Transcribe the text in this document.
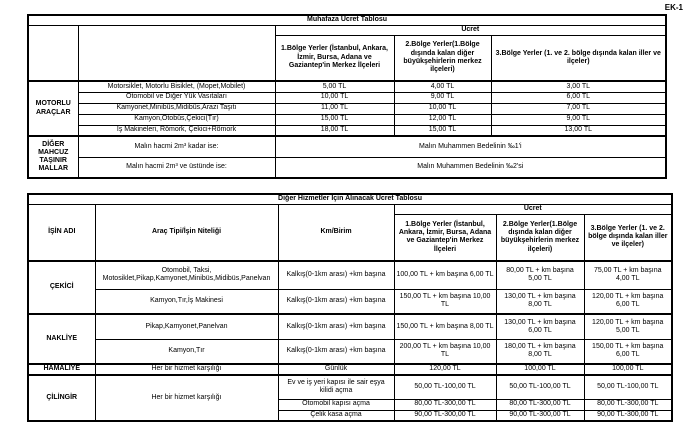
EK-1
Muhafaza Ücret Tablosu				
		Ücret		
		1.Bölge Yerler (İstanbul, Ankara, İzmir, Bursa, Adana ve Gaziantep'in Merkez İlçeleri	2.Bölge Yerler(1.Bölge dışında kalan diğer büyükşehirlerin merkez ilçeleri)	3.Bölge Yerler (1. ve 2. bölge dışında kalan iller ve ilçeler)
MOTORLU ARAÇLAR	Motorsiklet, Motorlu Bisiklet, (Mopet,Mobilet)	5,00 TL	4,00 TL	3,00 TL
	Otomobil ve Diğer Yük Vasıtaları	10,00 TL	9,00 TL	6,00 TL
	Kamyonet,Minibüs,Midibüs,Arazi Taşıtı	11,00 TL	10,00 TL	7,00 TL
	Kamyon,Otobüs,Çekici(Tır)	15,00 TL	12,00 TL	9,00 TL
	İş Makineleri, Römork, Çekici+Römork	18,00 TL	15,00 TL	13,00 TL
DİĞER MAHCUZ TAŞINIR MALLAR	Malın hacmi 2m³ kadar ise:	Malın Muhammen Bedelinin ‰1'i		
	Malın hacmi 2m³ ve üstünde ise:	Malın Muhammen Bedelinin ‰2'si		
Diğer Hizmetler İçin Alınacak Ücret Tablosu					
İŞİN ADI	Araç Tipi/İşin Niteliği	Km/Birim	Ücret		
			1.Bölge Yerler (İstanbul, Ankara, İzmir, Bursa, Adana ve Gaziantep'in Merkez İlçeleri	2.Bölge Yerler(1.Bölge dışında kalan diğer büyükşehirlerin merkez ilçeleri)	3.Bölge Yerler (1. ve 2. bölge dışında kalan iller ve ilçeler)
ÇEKİCİ	Otomobil, Taksi, Motosiklet,Pikap,Kamyonet,Minibüs,Midibüs,Panelvan	Kalkış(0-1km arası) +km başına	100,00 TL + km başına 6,00 TL	80,00 TL + km başına 5,00 TL	75,00 TL + km başına 4,00 TL
	Kamyon,Tır,İş Makinesi	Kalkış(0-1km arası) +km başına	150,00 TL + km başına 10,00 TL	130,00 TL + km başına 8,00 TL	120,00 TL + km başına 6,00 TL
NAKLİYE	Pikap,Kamyonet,Panelvan	Kalkış(0-1km arası) +km başına	150,00 TL + km başına 8,00 TL	130,00 TL + km başına 6,00 TL	120,00 TL + km başına 5,00 TL
	Kamyon,Tır	Kalkış(0-1km arası) +km başına	200,00 TL + km başına 10,00 TL	180,00 TL + km başına 8,00 TL	150,00 TL + km başına 6,00 TL
HAMALİYE	Her bir hizmet karşılığı	Günlük	120,00 TL	100,00 TL	100,00 TL
ÇİLİNGİR	Her bir hizmet karşılığı	Ev ve iş yeri kapısı ile sair eşya kilidi açma	50,00 TL-100,00 TL	50,00 TL-100,00 TL	50,00 TL-100,00 TL
		Otomobil kapısı açma	80,00 TL-300,00 TL	80,00 TL-300,00 TL	80,00 TL-300,00 TL
		Çelik kasa açma	90,00 TL-300,00 TL	90,00 TL-300,00 TL	90,00 TL-300,00 TL
